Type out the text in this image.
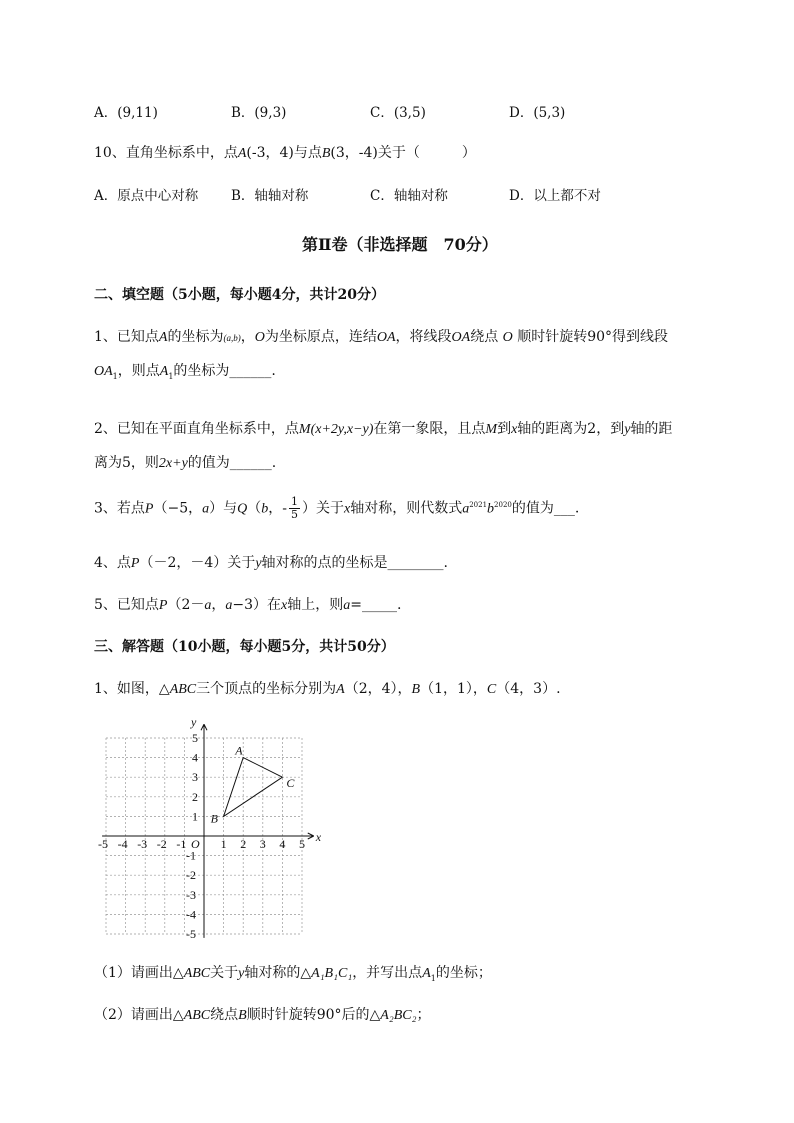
A．(9,11)	B．(9,3)	C．(3,5)	D．(5,3)
10、直角坐标系中，点A(-3，4)与点B(3，-4)关于（　　　）
A．原点中心对称 B．轴轴对称	C．轴轴对称	D．以上都不对
第Ⅱ卷（非选择题　70分）
二、填空题（5小题，每小题4分，共计20分）
1、已知点A的坐标为(a,b)，O为坐标原点，连结OA，将线段OA绕点 O 顺时针旋转90°得到线段
$OA_1$，则点$A_1$的坐标为______.
2、已知在平面直角坐标系中，点M(x+2y,x−y)在第一象限，且点M到x轴的距离为2，到y轴的距
离为5，则2x+y的值为______.
3、若点P（−5，a）与Q（b，- $\frac{1}{5}$ ）关于x轴对称，则代数式$a^{2021}b^{2020}$的值为___.
4、点P（－2，－4）关于y轴对称的点的坐标是________.
5、已知点P（2－a，a−3）在x轴上，则a=_____.
三、解答题（10小题，每小题5分，共计50分）
1、如图，△ABC三个顶点的坐标分别为A（2，4），B（1，1），C（4，3）.
x
y
O
-5 -4 -3 -2 -1	1 2 3 4 5
5
4
3
2
1
-1
-2
-3
-4
-5
A
B
C
（1）请画出△ABC关于y轴对称的△A₁B₁C₁，并写出点$A_1$的坐标；
（2）请画出△ABC绕点B顺时针旋转90°后的△A₂BC₂；
